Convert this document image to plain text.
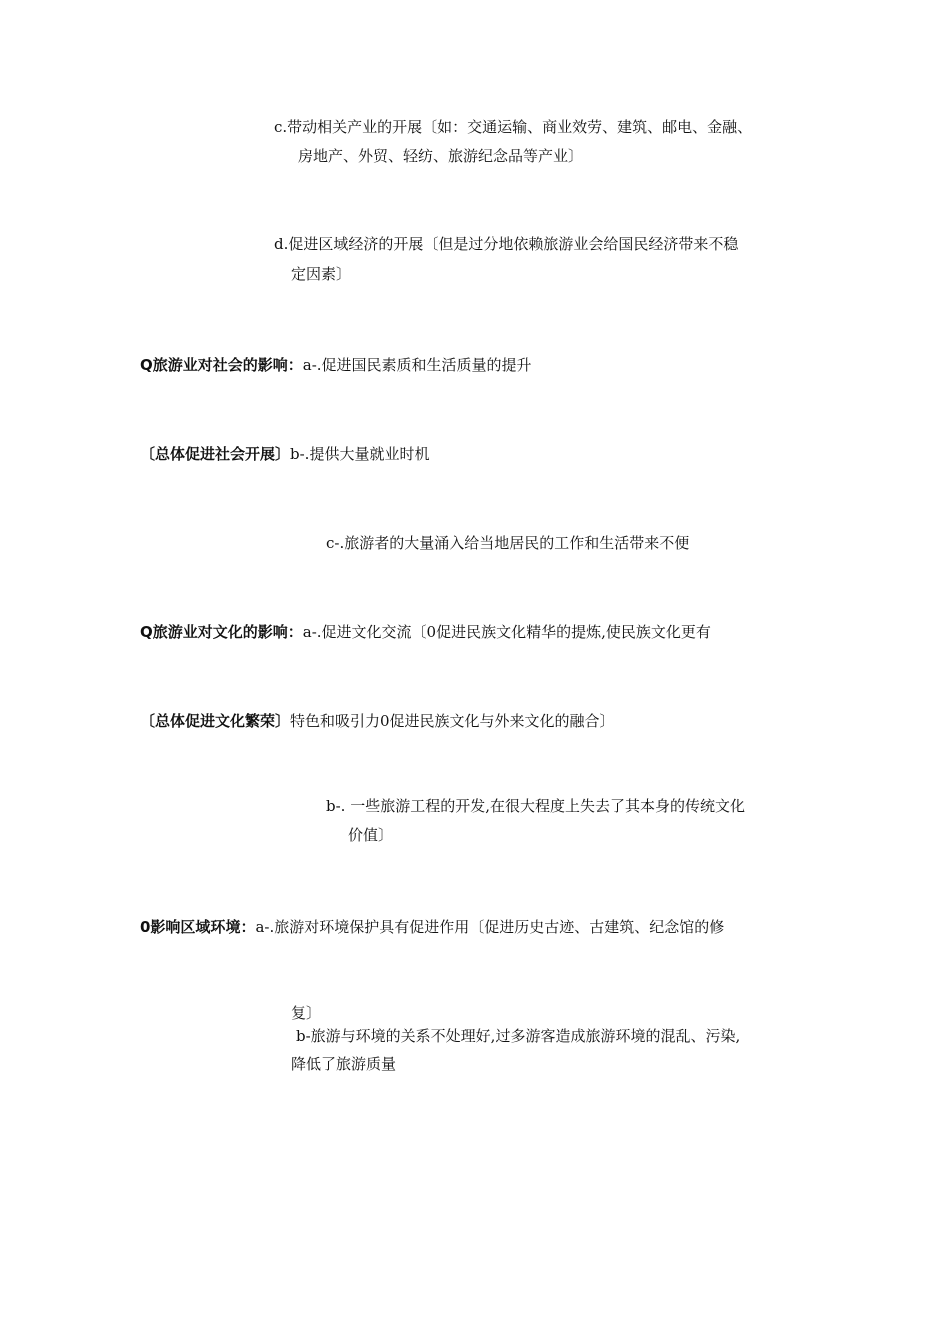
c.带动相关产业的开展〔如：交通运输、商业效劳、建筑、邮电、金融、
房地产、外贸、轻纺、旅游纪念品等产业〕
d.促进区域经济的开展〔但是过分地依赖旅游业会给国民经济带来不稳
定因素〕
Q旅游业对社会的影响：a-.促进国民素质和生活质量的提升
〔总体促进社会开展〕b-.提供大量就业时机
c-.旅游者的大量涌入给当地居民的工作和生活带来不便
Q旅游业对文化的影响：a-.促进文化交流〔0促进民族文化精华的提炼,使民族文化更有
〔总体促进文化繁荣〕特色和吸引力0促进民族文化与外来文化的融合〕
b-. 一些旅游工程的开发,在很大程度上失去了其本身的传统文化
价值〕
0影响区域环境：a-.旅游对环境保护具有促进作用〔促进历史古迹、古建筑、纪念馆的修
复〕
b-旅游与环境的关系不处理好,过多游客造成旅游环境的混乱、污染,
降低了旅游质量
